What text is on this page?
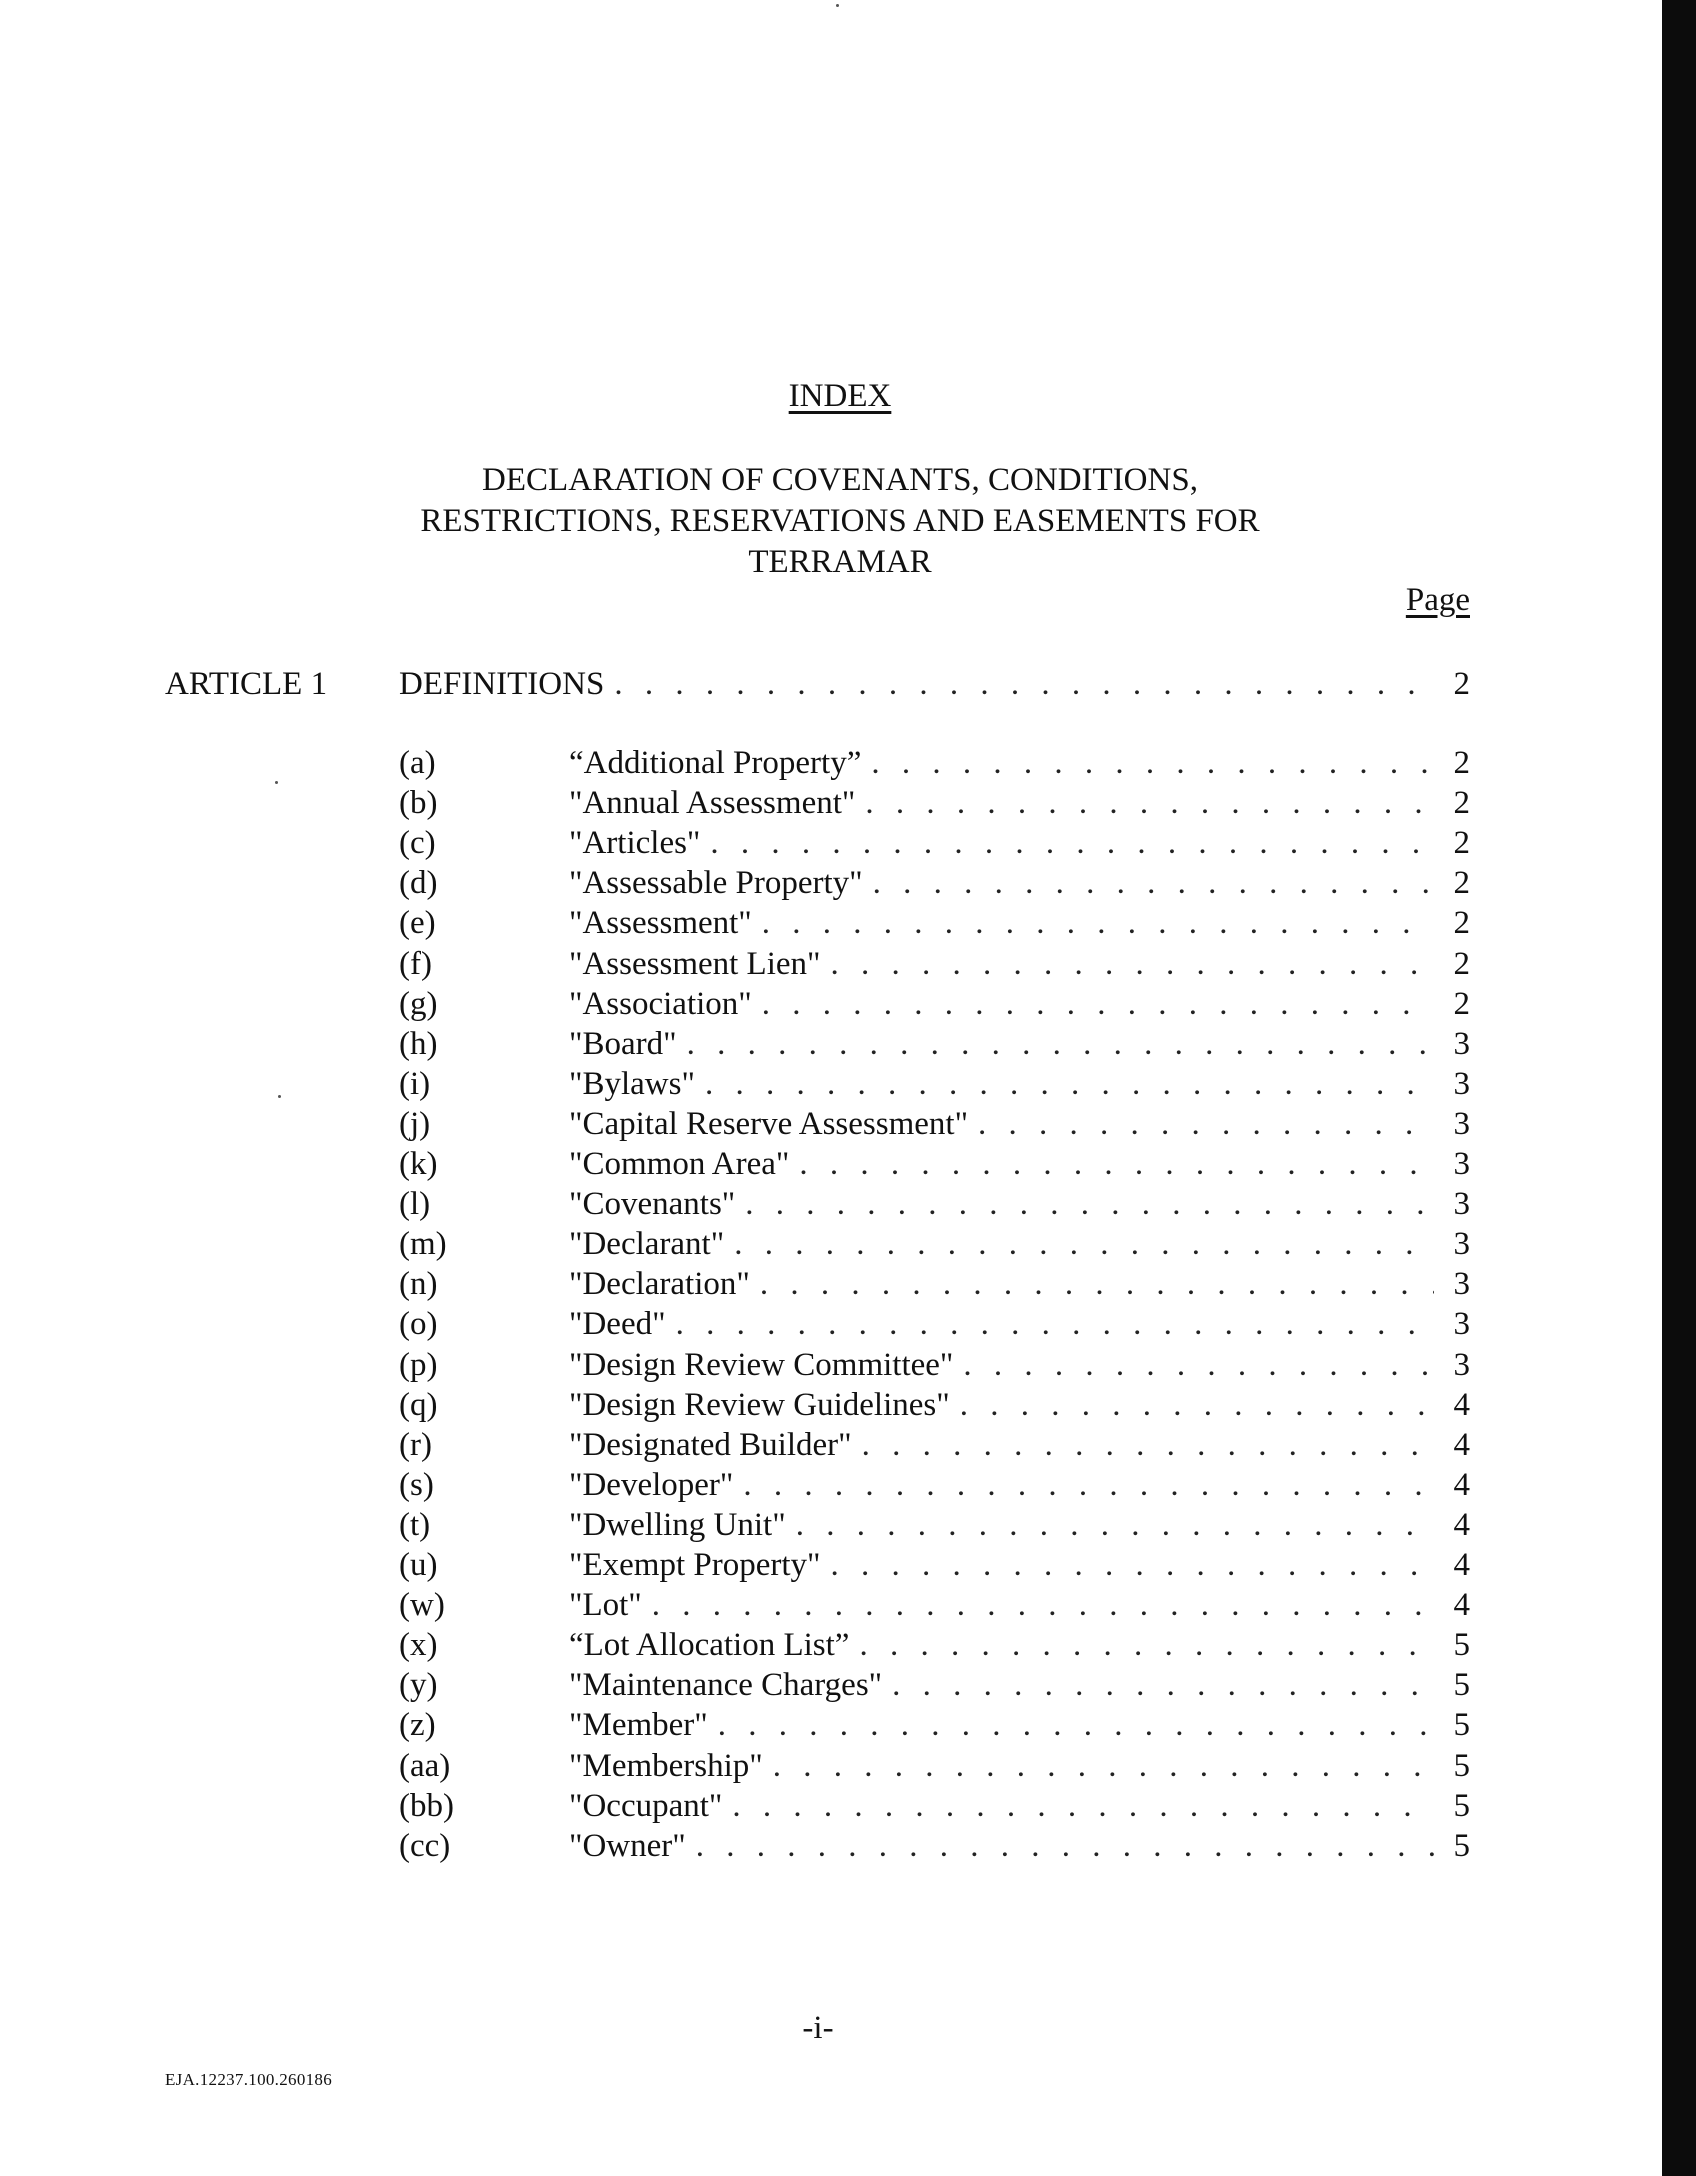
INDEX
DECLARATION OF COVENANTS, CONDITIONS,
RESTRICTIONS, RESERVATIONS AND EASEMENTS FOR
TERRAMAR
Page
ARTICLE 1 DEFINITIONS . . .	2
(a)	“Additional Property” . . .	2
(b)	"Annual Assessment" . . .	2
(c)	"Articles" . . .	2
(d)	"Assessable Property" . . .	2
(e)	"Assessment" . . .	2
(f)	"Assessment Lien" . . .	2
(g)	"Association" . . .	2
(h)	"Board" . . .	3
(i)	"Bylaws" . . .	3
(j)	"Capital Reserve Assessment" . . .	3
(k)	"Common Area" . . .	3
(l)	"Covenants" . . .	3
(m)	"Declarant" . . .	3
(n)	"Declaration" . . .	3
(o)	"Deed" . . .	3
(p)	"Design Review Committee" . . .	3
(q)	"Design Review Guidelines" . . .	4
(r)	"Designated Builder" . . .	4
(s)	"Developer" . . .	4
(t)	"Dwelling Unit" . . .	4
(u)	"Exempt Property" . . .	4
(w)	"Lot" . . .	4
(x)	“Lot Allocation List” . . .	5
(y)	"Maintenance Charges" . . .	5
(z)	"Member" . . .	5
(aa)	"Membership" . . .	5
(bb)	"Occupant" . . .	5
(cc)	"Owner" . . .	5
-i-
EJA.12237.100.260186
